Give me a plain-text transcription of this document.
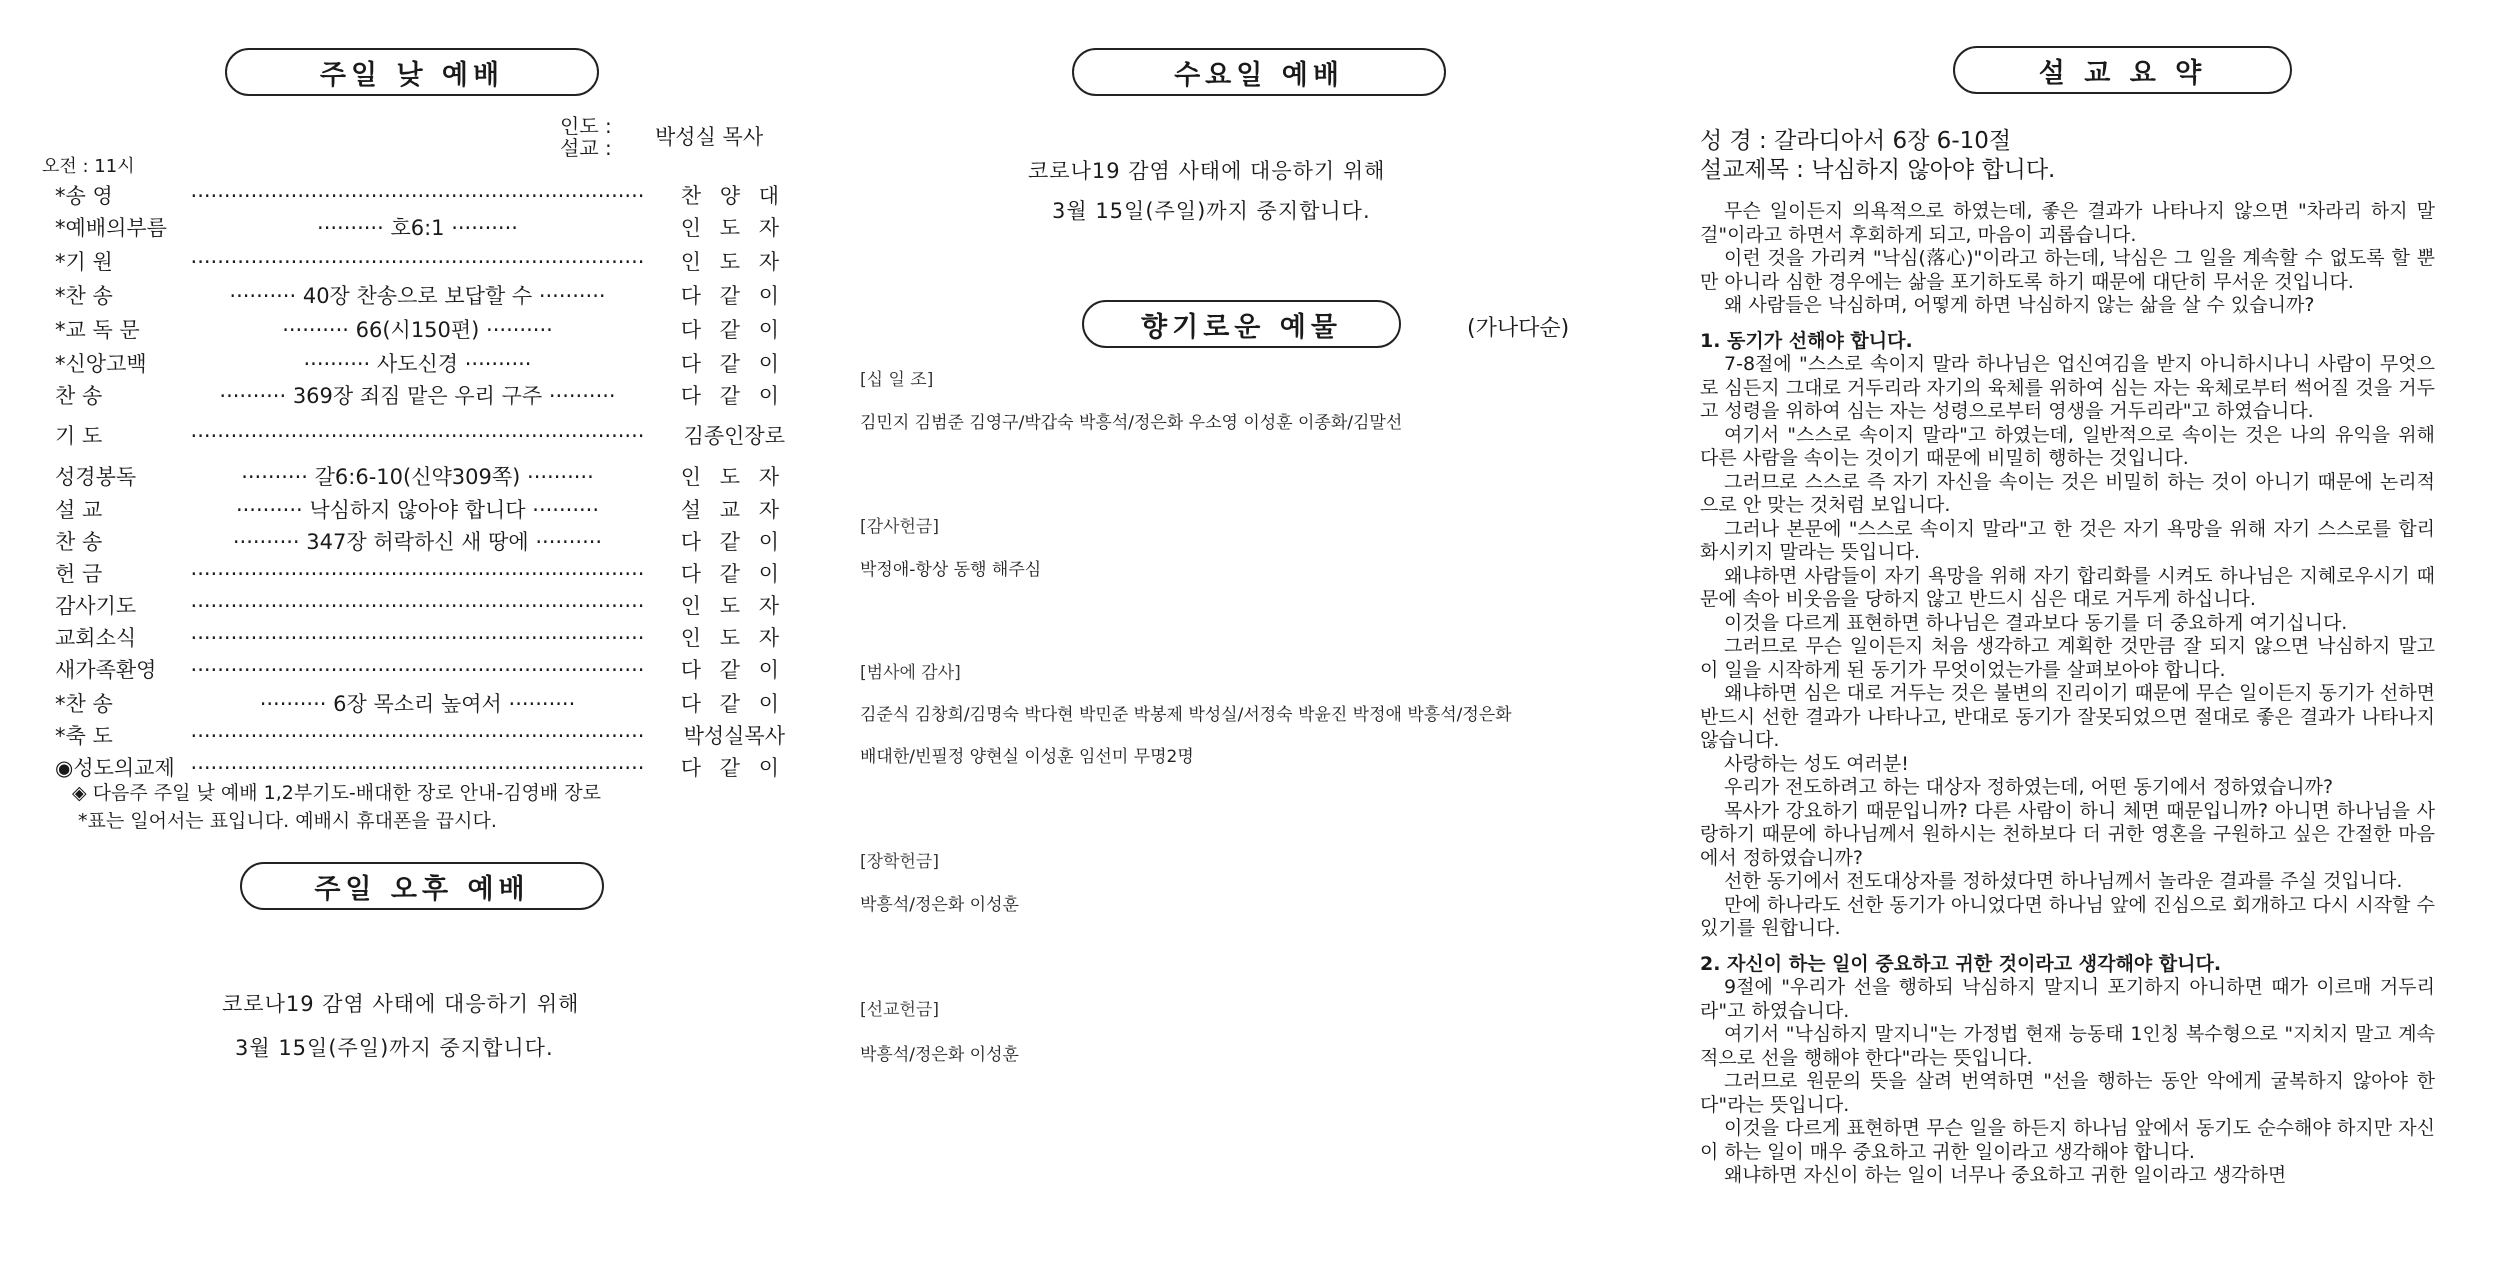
주일 낮 예배
인도 :
설교 : 박성실 목사
오전 : 11시
*송 영	····································································	찬 양 대
*예배의부름	·········· 호6:1 ··········	인 도 자
*기 원	····································································	인 도 자
*찬 송	·········· 40장 찬송으로 보답할 수 ··········	다 같 이
*교 독 문	·········· 66(시150편) ··········	다 같 이
*신앙고백	·········· 사도신경 ··········	다 같 이
찬 송	·········· 369장 죄짐 맡은 우리 구주 ··········	다 같 이
기 도	····································································	김종인장로
성경봉독	·········· 갈6:6-10(신약309쪽) ··········	인 도 자
설 교	·········· 낙심하지 않아야 합니다 ··········	설 교 자
찬 송	·········· 347장 허락하신 새 땅에 ··········	다 같 이
헌 금	····································································	다 같 이
감사기도	····································································	인 도 자
교회소식	····································································	인 도 자
새가족환영	····································································	다 같 이
*찬 송	·········· 6장 목소리 높여서 ··········	다 같 이
*축 도	····································································	박성실목사
◉성도의교제 ····································································	다 같 이
◈ 다음주 주일 낮 예배 1,2부기도-배대한 장로 안내-김영배 장로
*표는 일어서는 표입니다. 예배시 휴대폰을 끕시다.
주일 오후 예배
코로나19 감염 사태에 대응하기 위해
3월 15일(주일)까지 중지합니다.
수요일 예배
코로나19 감염 사태에 대응하기 위해
3월 15일(주일)까지 중지합니다.
향기로운 예물	(가나다순)
[십 일 조]
김민지 김범준 김영구/박갑숙 박흥석/정은화 우소영 이성훈 이종화/김말선
[감사헌금]
박정애-항상 동행 해주심
[범사에 감사]
김준식 김창희/김명숙 박다현 박민준 박봉제 박성실/서정숙 박윤진 박정애 박흥석/정은화
배대한/빈필정 양현실 이성훈 임선미 무명2명
[장학헌금]
박흥석/정은화 이성훈
[선교헌금]
박흥석/정은화 이성훈
설 교 요 약
성 경 : 갈라디아서 6장 6-10절
설교제목 : 낙심하지 않아야 합니다.

무슨 일이든지 의욕적으로 하였는데, 좋은 결과가 나타나지 않으면 "차라리 하지 말 걸"이라고 하면서 후회하게 되고, 마음이 괴롭습니다.

이런 것을 가리켜 "낙심(落心)"이라고 하는데, 낙심은 그 일을 계속할 수 없도록 할 뿐만 아니라 심한 경우에는 삶을 포기하도록 하기 때문에 대단히 무서운 것입니다.

왜 사람들은 낙심하며, 어떻게 하면 낙심하지 않는 삶을 살 수 있습니까?

1. 동기가 선해야 합니다.

7-8절에 "스스로 속이지 말라 하나님은 업신여김을 받지 아니하시나니 사람이 무엇으로 심든지 그대로 거두리라 자기의 육체를 위하여 심는 자는 육체로부터 썩어질 것을 거두고 성령을 위하여 심는 자는 성령으로부터 영생을 거두리라"고 하였습니다.

여기서 "스스로 속이지 말라"고 하였는데, 일반적으로 속이는 것은 나의 유익을 위해 다른 사람을 속이는 것이기 때문에 비밀히 행하는 것입니다.

그러므로 스스로 즉 자기 자신을 속이는 것은 비밀히 하는 것이 아니기 때문에 논리적으로 안 맞는 것처럼 보입니다.

그러나 본문에 "스스로 속이지 말라"고 한 것은 자기 욕망을 위해 자기 스스로를 합리화시키지 말라는 뜻입니다.

왜냐하면 사람들이 자기 욕망을 위해 자기 합리화를 시켜도 하나님은 지혜로우시기 때문에 속아 비웃음을 당하지 않고 반드시 심은 대로 거두게 하십니다.

이것을 다르게 표현하면 하나님은 결과보다 동기를 더 중요하게 여기십니다.

그러므로 무슨 일이든지 처음 생각하고 계획한 것만큼 잘 되지 않으면 낙심하지 말고 이 일을 시작하게 된 동기가 무엇이었는가를 살펴보아야 합니다.

왜냐하면 심은 대로 거두는 것은 불변의 진리이기 때문에 무슨 일이든지 동기가 선하면 반드시 선한 결과가 나타나고, 반대로 동기가 잘못되었으면 절대로 좋은 결과가 나타나지 않습니다.

사랑하는 성도 여러분!

우리가 전도하려고 하는 대상자 정하였는데, 어떤 동기에서 정하였습니까?

목사가 강요하기 때문입니까? 다른 사람이 하니 체면 때문입니까? 아니면 하나님을 사랑하기 때문에 하나님께서 원하시는 천하보다 더 귀한 영혼을 구원하고 싶은 간절한 마음에서 정하였습니까?

선한 동기에서 전도대상자를 정하셨다면 하나님께서 놀라운 결과를 주실 것입니다.

만에 하나라도 선한 동기가 아니었다면 하나님 앞에 진심으로 회개하고 다시 시작할 수 있기를 원합니다.

2. 자신이 하는 일이 중요하고 귀한 것이라고 생각해야 합니다.

9절에 "우리가 선을 행하되 낙심하지 말지니 포기하지 아니하면 때가 이르매 거두리라"고 하였습니다.

여기서 "낙심하지 말지니"는 가정법 현재 능동태 1인칭 복수형으로 "지치지 말고 계속적으로 선을 행해야 한다"라는 뜻입니다.

그러므로 원문의 뜻을 살려 번역하면 "선을 행하는 동안 악에게 굴복하지 않아야 한다"라는 뜻입니다.

이것을 다르게 표현하면 무슨 일을 하든지 하나님 앞에서 동기도 순수해야 하지만 자신이 하는 일이 매우 중요하고 귀한 일이라고 생각해야 합니다.

왜냐하면 자신이 하는 일이 너무나 중요하고 귀한 일이라고 생각하면
